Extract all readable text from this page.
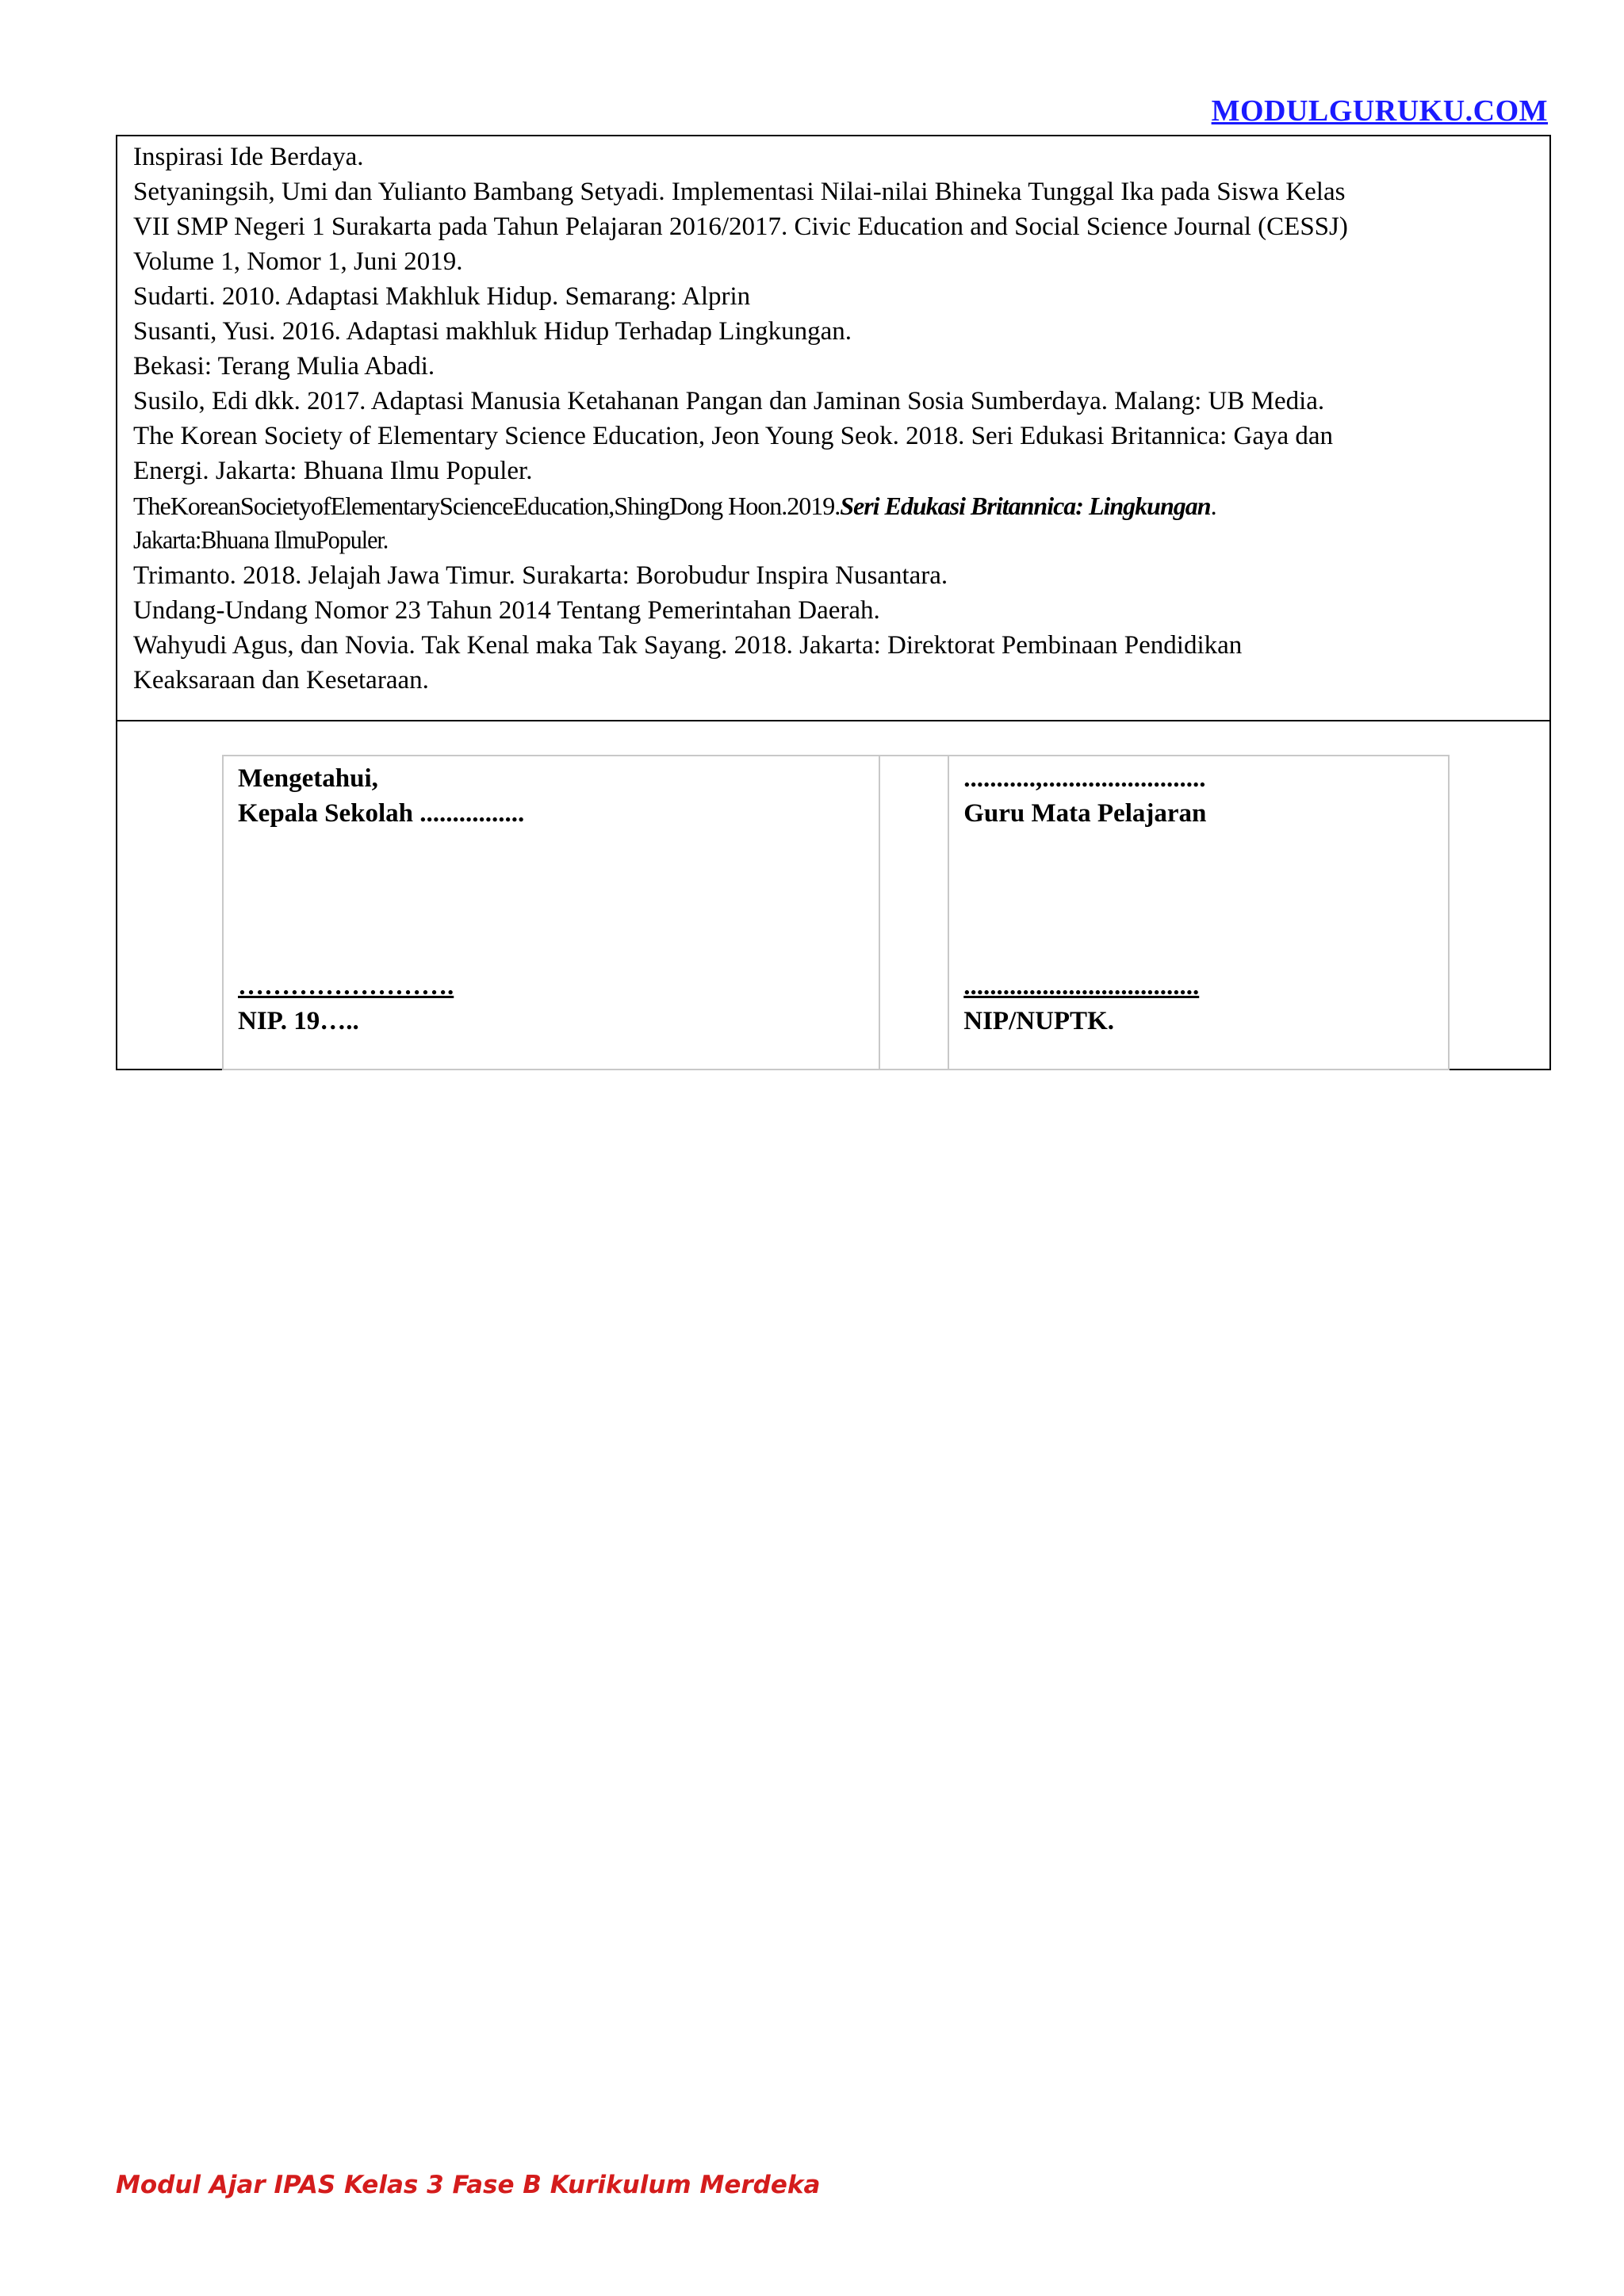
MODULGURUKU.COM

Inspirasi Ide Berdaya.

Setyaningsih, Umi dan Yulianto Bambang Setyadi. Implementasi Nilai-nilai Bhineka Tunggal Ika pada Siswa Kelas

VII SMP Negeri 1 Surakarta pada Tahun Pelajaran 2016/2017. Civic Education and Social Science Journal (CESSJ)

Volume 1, Nomor 1, Juni 2019.

Sudarti. 2010. Adaptasi Makhluk Hidup. Semarang: Alprin

Susanti, Yusi. 2016. Adaptasi makhluk Hidup Terhadap Lingkungan.

Bekasi: Terang Mulia Abadi.

Susilo, Edi dkk. 2017. Adaptasi Manusia Ketahanan Pangan dan Jaminan Sosia Sumberdaya. Malang: UB Media.

The Korean Society of Elementary Science Education, Jeon Young Seok. 2018. Seri Edukasi Britannica: Gaya dan

Energi. Jakarta: Bhuana Ilmu Populer.

TheKoreanSocietyofElementaryScienceEducation,ShingDong Hoon.2019.Seri Edukasi Britannica: Lingkungan.

Jakarta:Bhuana IlmuPopuler.

Trimanto. 2018. Jelajah Jawa Timur. Surakarta: Borobudur Inspira Nusantara.

Undang-Undang Nomor 23 Tahun 2014 Tentang Pemerintahan Daerah.

Wahyudi Agus, dan Novia. Tak Kenal maka Tak Sayang. 2018. Jakarta: Direktorat Pembinaan Pendidikan

Keaksaraan dan Kesetaraan.

Mengetahui,

Kepala Sekolah ................

…………………….

NIP. 19…..

...........,.........................

Guru Mata Pelajaran

....................................

NIP/NUPTK.

Modul Ajar IPAS Kelas 3 Fase B Kurikulum Merdeka
